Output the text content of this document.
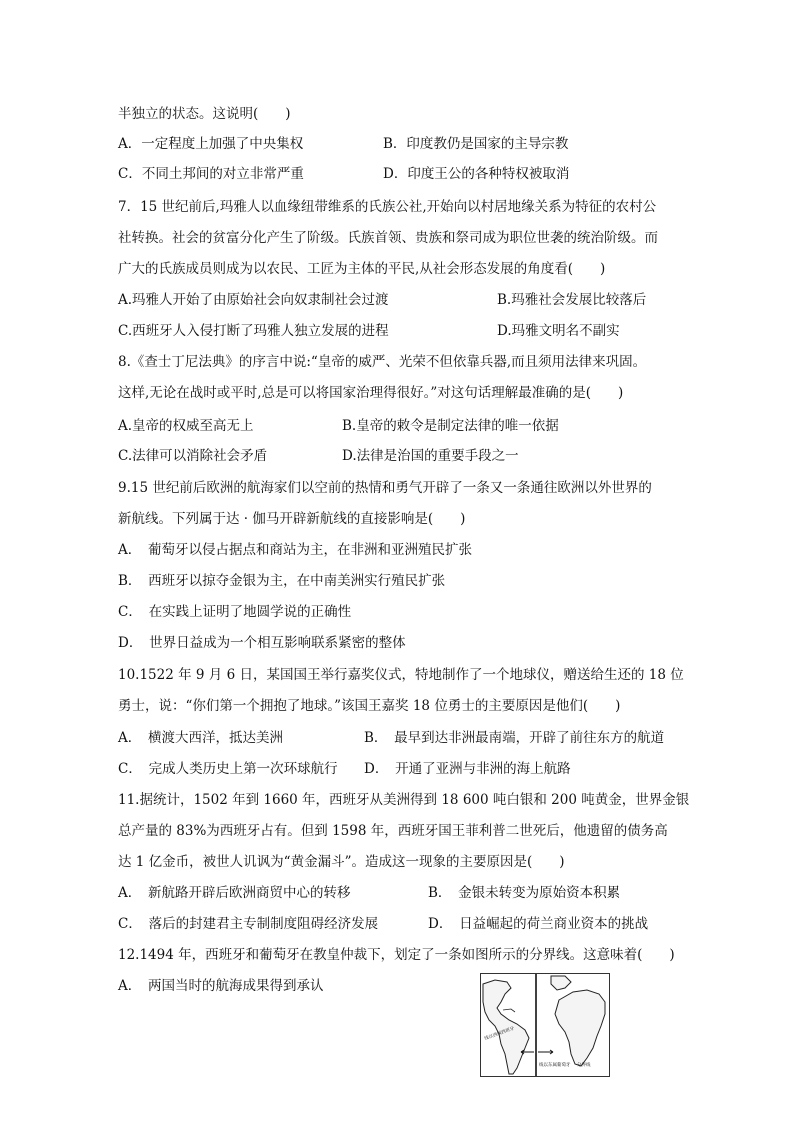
半独立的状态。这说明(　　)
A．一定程度上加强了中央集权	B．印度教仍是国家的主导宗教
C．不同土邦间的对立非常严重	D．印度王公的各种特权被取消
7．15 世纪前后,玛雅人以血缘纽带维系的氏族公社,开始向以村居地缘关系为特征的农村公
社转换。社会的贫富分化产生了阶级。氏族首领、贵族和祭司成为职位世袭的统治阶级。而
广大的氏族成员则成为以农民、工匠为主体的平民,从社会形态发展的角度看(　　)
A.玛雅人开始了由原始社会向奴隶制社会过渡	B.玛雅社会发展比较落后
C.西班牙人入侵打断了玛雅人独立发展的进程	D.玛雅文明名不副实
8.《查士丁尼法典》的序言中说:“皇帝的威严、光荣不但依靠兵器,而且须用法律来巩固。
这样,无论在战时或平时,总是可以将国家治理得很好。”对这句话理解最准确的是(　　)
A.皇帝的权威至高无上	B.皇帝的敕令是制定法律的唯一依据
C.法律可以消除社会矛盾	D.法律是治国的重要手段之一
9.15 世纪前后欧洲的航海家们以空前的热情和勇气开辟了一条又一条通往欧洲以外世界的
新航线。下列属于达 · 伽马开辟新航线的直接影响是(　　)
A．　葡萄牙以侵占据点和商站为主，在非洲和亚洲殖民扩张
B．　西班牙以掠夺金银为主，在中南美洲实行殖民扩张
C．　在实践上证明了地圆学说的正确性
D．　世界日益成为一个相互影响联系紧密的整体
10.1522 年 9 月 6 日，某国国王举行嘉奖仪式，特地制作了一个地球仪，赠送给生还的 18 位
勇士，说：“你们第一个拥抱了地球。”该国王嘉奖 18 位勇士的主要原因是他们(　　)
A．　横渡大西洋，抵达美洲	B．　最早到达非洲最南端，开辟了前往东方的航道
C．　完成人类历史上第一次环球航行 D．　开通了亚洲与非洲的海上航路
11.据统计，1502 年到 1660 年，西班牙从美洲得到 18 600 吨白银和 200 吨黄金，世界金银
总产量的 83%为西班牙占有。但到 1598 年，西班牙国王菲利普二世死后，他遗留的债务高
达 1 亿金币，被世人讥讽为“黄金漏斗”。造成这一现象的主要原因是(　　)
A．　新航路开辟后欧洲商贸中心的转移	B．　金银未转变为原始资本积累
C．　落后的封建君主专制制度阻碍经济发展	D．　日益崛起的荷兰商业资本的挑战
12.1494 年，西班牙和葡萄牙在教皇仲裁下，划定了一条如图所示的分界线。这意味着(　　)
A．　两国当时的航海成果得到承认
线以西属西班牙
线以东属葡萄牙 分界线
